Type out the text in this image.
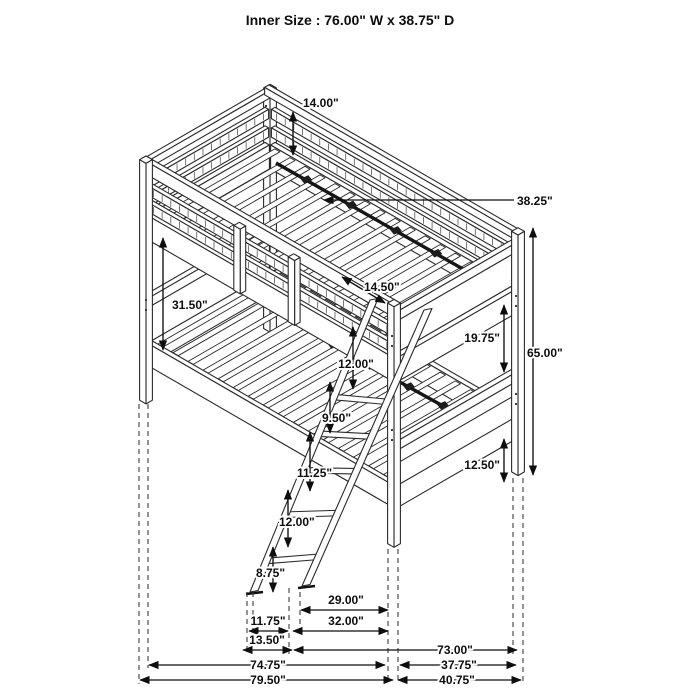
14.00"
38.25"
31.50"
14.50"
12.00"
19.75"
65.00"
9.50"
11.25"
12.00"
8.75"
12.50"
29.00"
11.75"	32.00"
13.50"
73.00"
74.75"	37.75"
79.50"	40.75"
Inner Size : 76.00" W x 38.75" D
